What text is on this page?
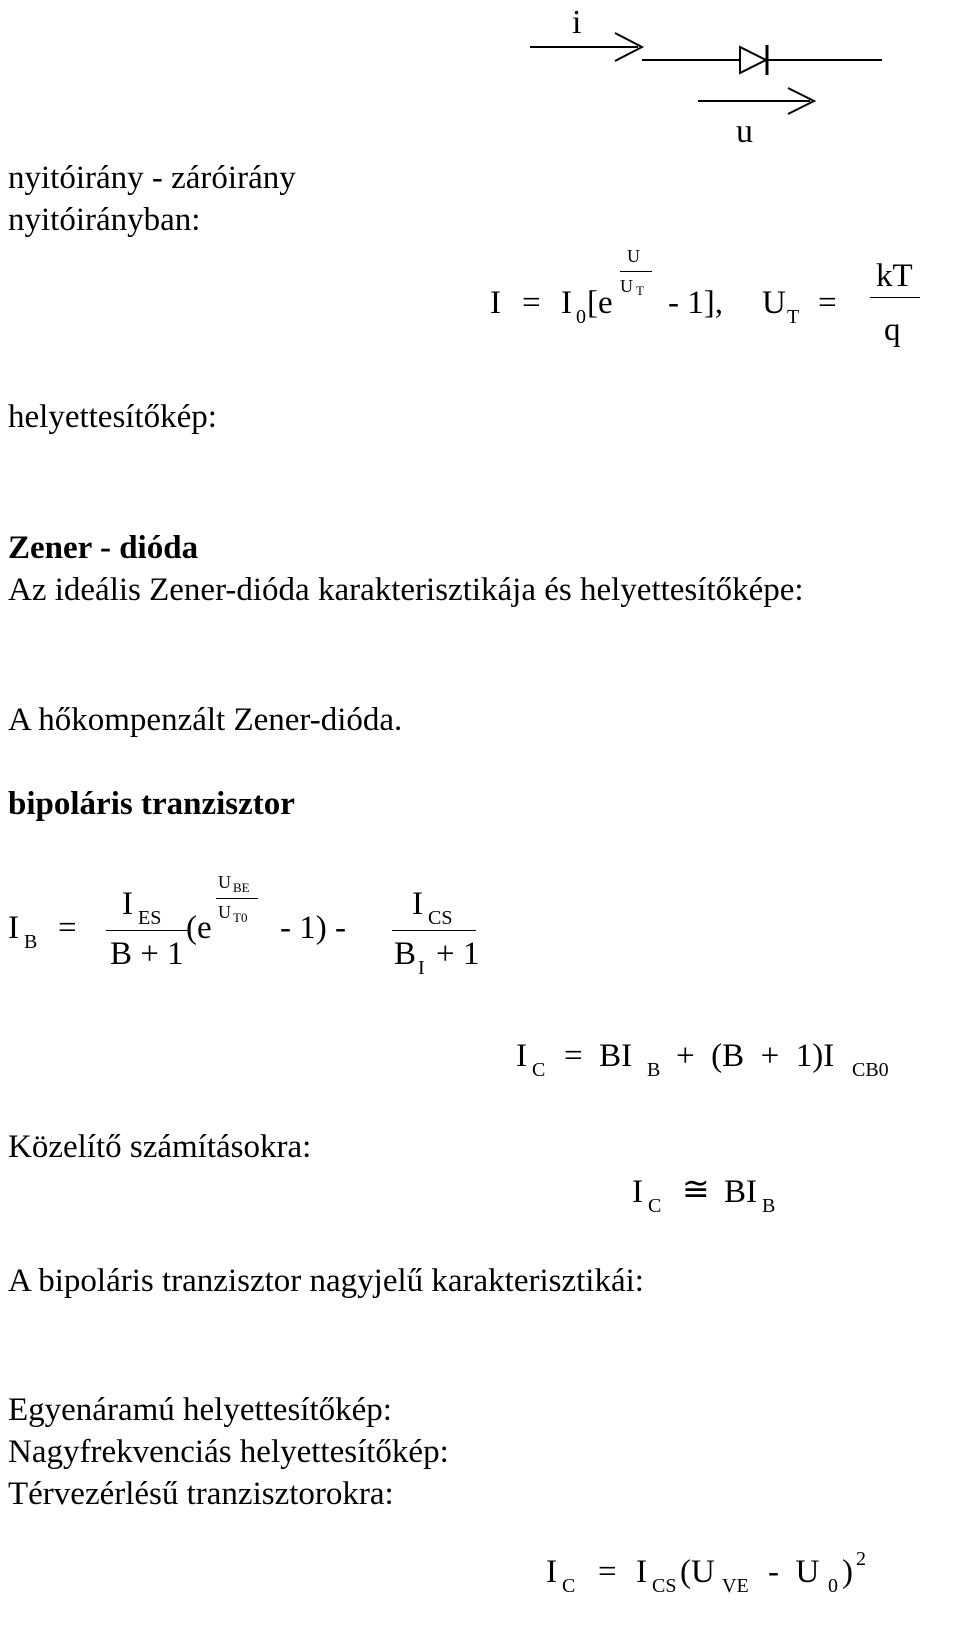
i
u
nyitóirány - záróirány
nyitóirányban:
I = I 0 [e
U
U T - 1], U T =
kT
q
helyettesítőkép:
Zener - dióda
Az ideális Zener-dióda karakterisztikája és helyettesítőképe:
A hőkompenzált Zener-dióda.
bipoláris tranzisztor
I B =
I ES
B + 1
(e
U BE
U T0 - 1) -
I CS
B I + 1
I C =  BI B +  (B  +  1)I CB0
Közelítő számításokra:
I C ≅ BI B
A bipoláris tranzisztor nagyjelű karakterisztikái:
Egyenáramú helyettesítőkép:
Nagyfrekvenciás helyettesítőkép:
Térvezérlésű tranzisztorokra:
I C = I CS (U VE -  U 0 ) 2
